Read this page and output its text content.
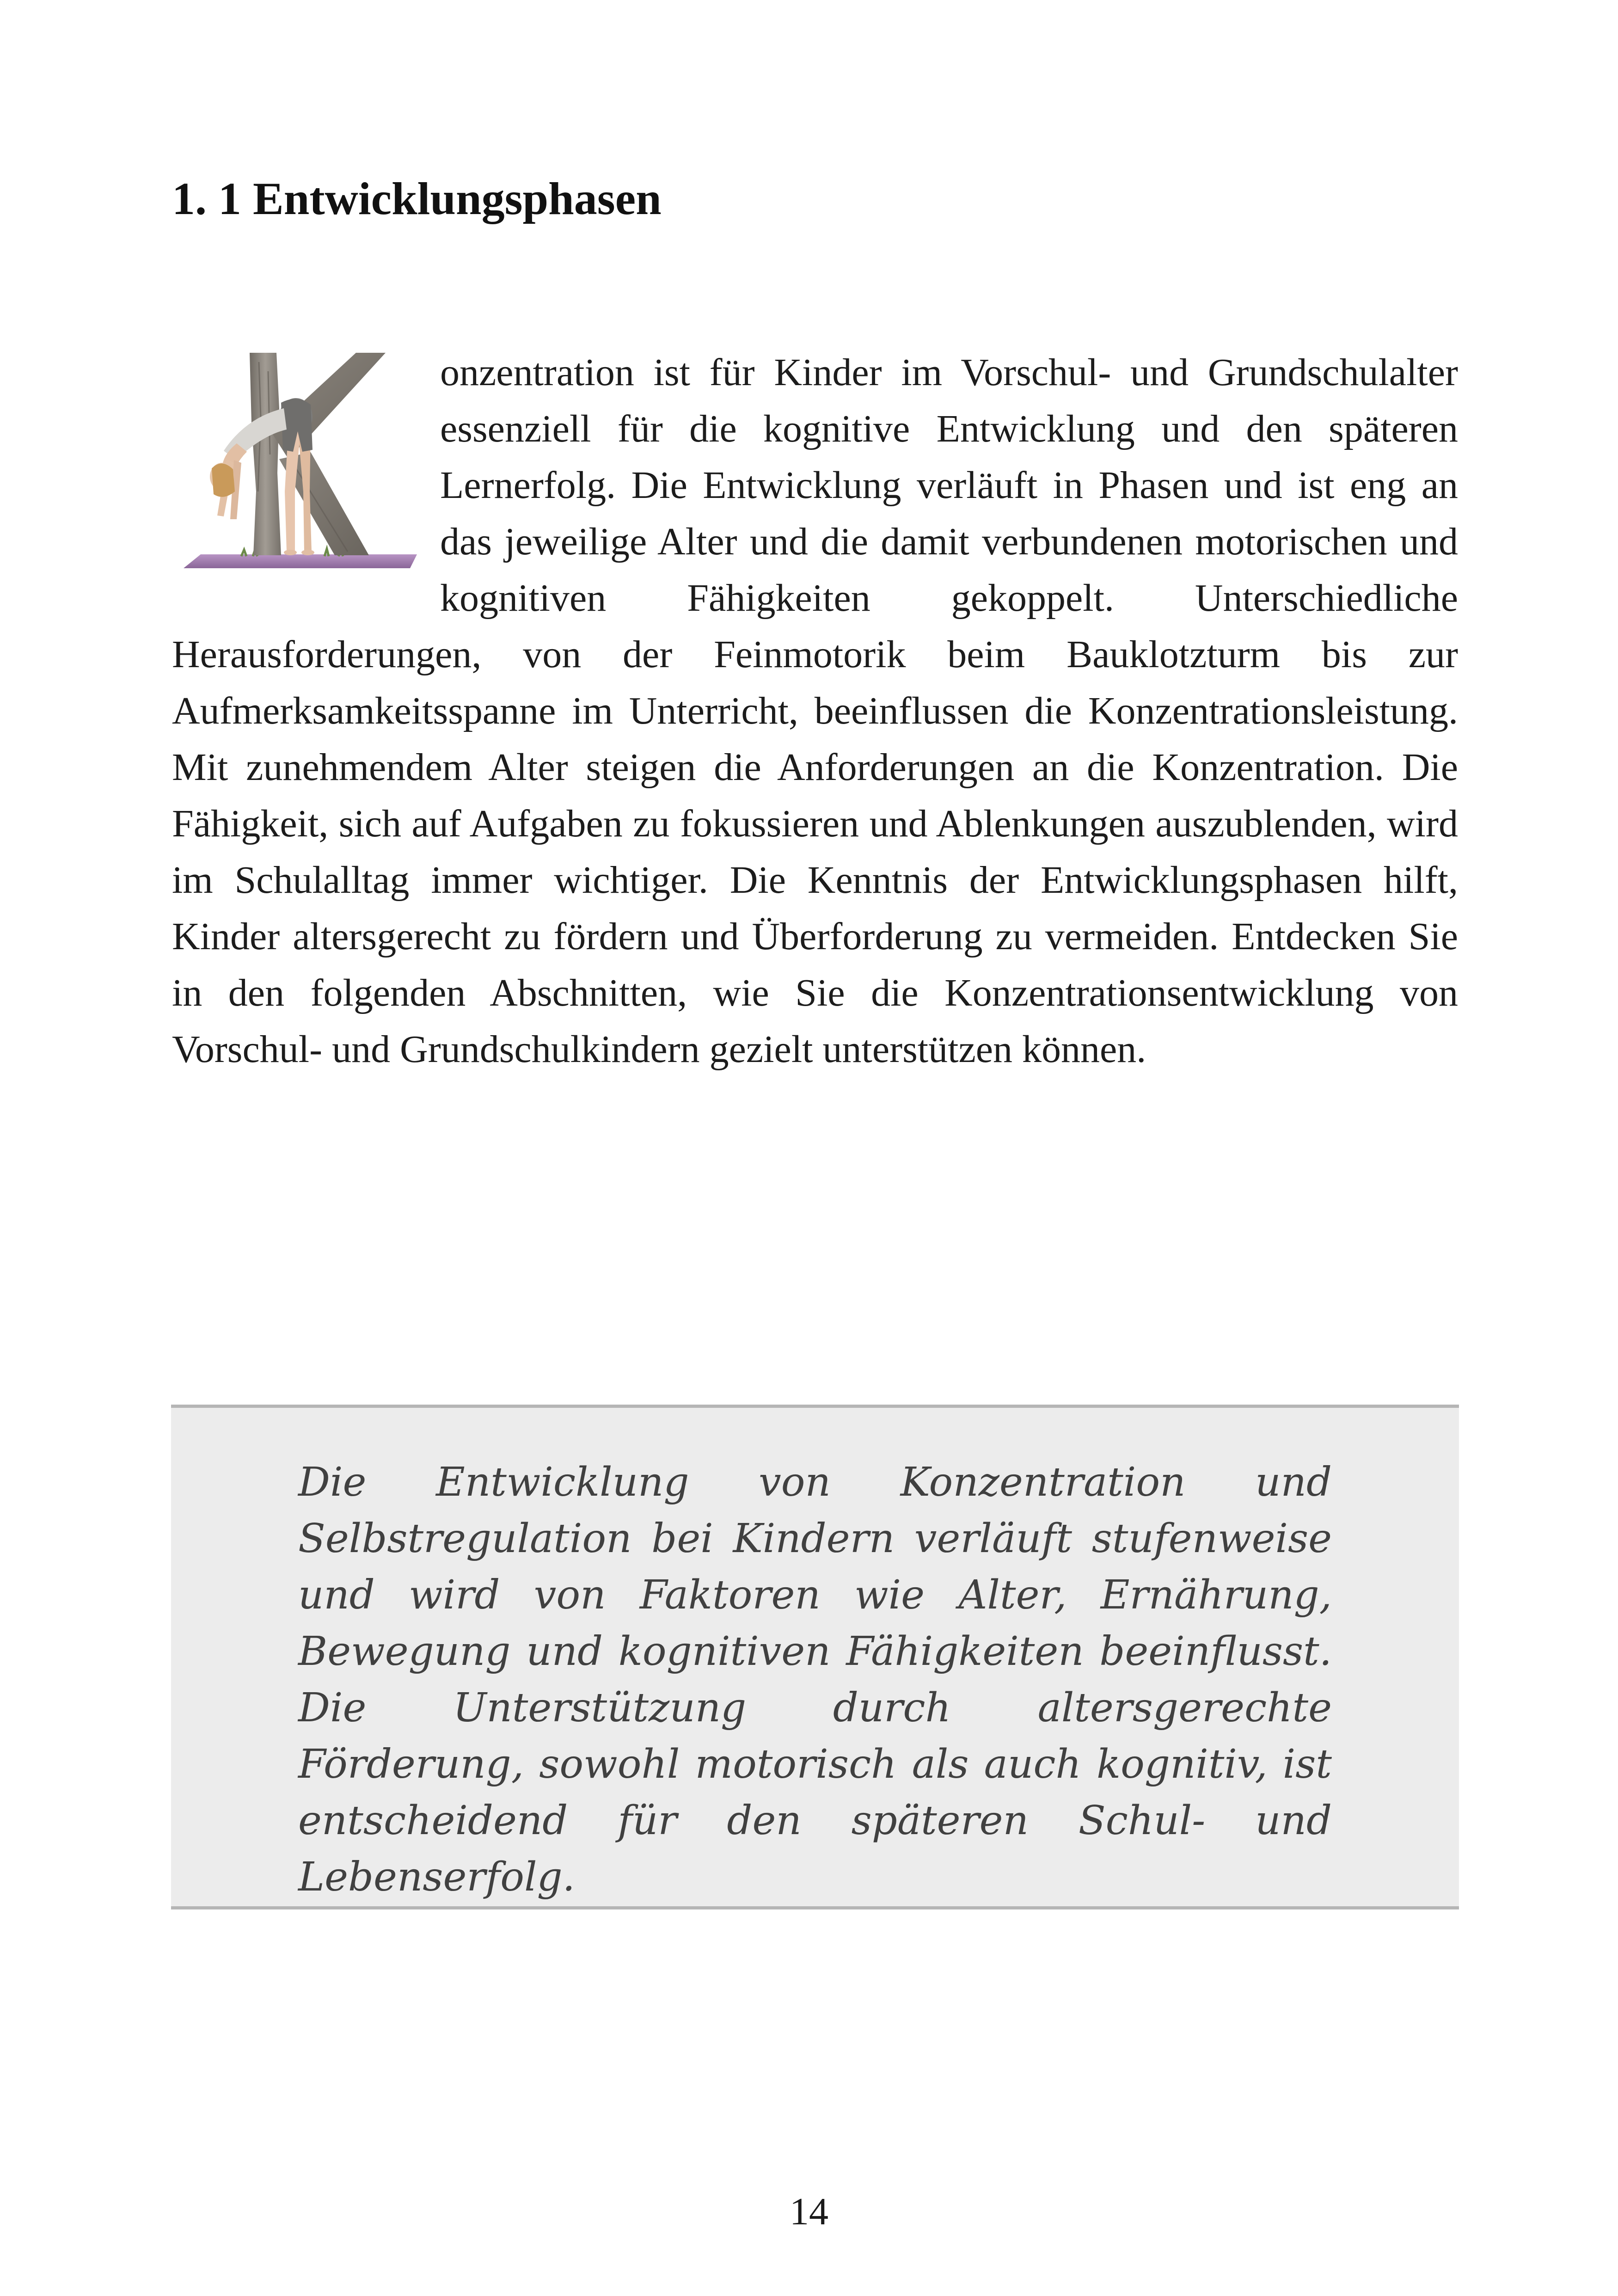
1. 1 Entwicklungsphasen
onzentration ist für Kinder im Vorschul- und Grundschulalter essenziell für die kognitive Entwicklung und den späteren Lernerfolg. Die Entwicklung verläuft in Phasen und ist eng an das jeweilige Alter und die damit verbundenen motorischen und kognitiven Fähigkeiten gekoppelt. Unterschiedliche Herausforderungen, von der Feinmotorik beim Bauklotzturm bis zur Aufmerksamkeitsspanne im Unterricht, beeinflussen die Konzentrationsleistung. Mit zunehmendem Alter steigen die Anforderungen an die Konzentration. Die Fähigkeit, sich auf Aufgaben zu fokussieren und Ablenkungen auszublenden, wird im Schulalltag immer wichtiger. Die Kenntnis der Entwicklungsphasen hilft, Kinder altersgerecht zu fördern und Überforderung zu vermeiden. Entdecken Sie in den folgenden Abschnitten, wie Sie die Konzentrationsentwicklung von Vorschul- und Grundschulkindern gezielt unterstützen können.

Die Entwicklung von Konzentration und Selbstregulation bei Kindern verläuft stufenweise und wird von Faktoren wie Alter, Ernährung, Bewegung und kognitiven Fähigkeiten beeinflusst. Die Unterstützung durch altersgerechte Förderung, sowohl motorisch als auch kognitiv, ist entscheidend für den späteren Schul- und Lebenserfolg.

14
